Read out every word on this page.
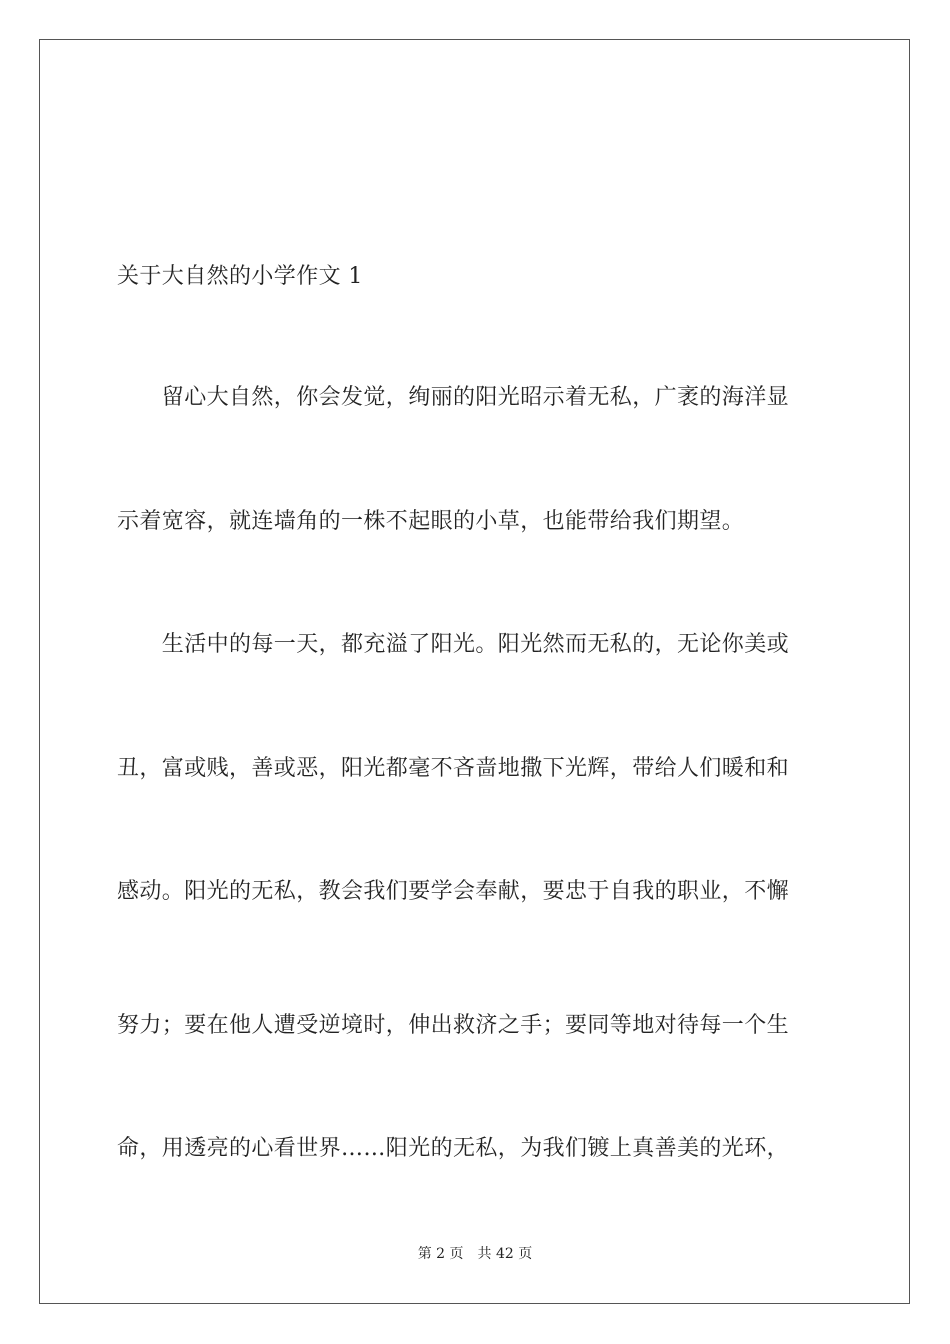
关于大自然的小学作文 1
　　留心大自然，你会发觉，绚丽的阳光昭示着无私，广袤的海洋显
示着宽容，就连墙角的一株不起眼的小草，也能带给我们期望。
　　生活中的每一天，都充溢了阳光。阳光然而无私的，无论你美或
丑，富或贱，善或恶，阳光都毫不吝啬地撒下光辉，带给人们暖和和
感动。阳光的无私，教会我们要学会奉献，要忠于自我的职业，不懈
努力；要在他人遭受逆境时，伸出救济之手；要同等地对待每一个生
命，用透亮的心看世界……阳光的无私，为我们镀上真善美的光环，
第 2 页 共 42 页
